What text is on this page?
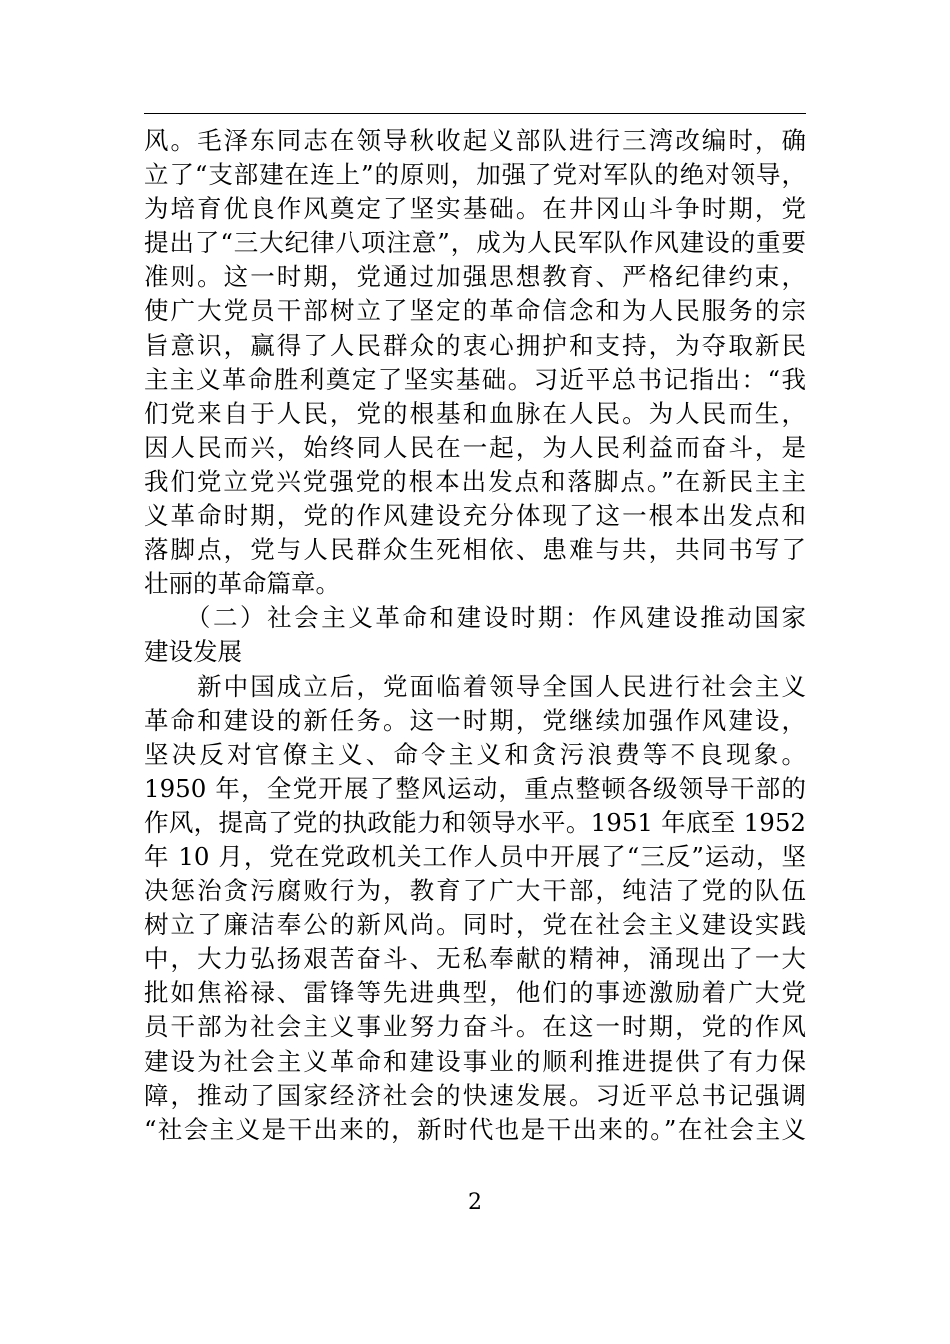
风。毛泽东同志在领导秋收起义部队进行三湾改编时，确
立了“支部建在连上”的原则，加强了党对军队的绝对领导，
为培育优良作风奠定了坚实基础。在井冈山斗争时期，党
提出了“三大纪律八项注意”，成为人民军队作风建设的重要
准则。这一时期，党通过加强思想教育、严格纪律约束，
使广大党员干部树立了坚定的革命信念和为人民服务的宗
旨意识，赢得了人民群众的衷心拥护和支持，为夺取新民
主主义革命胜利奠定了坚实基础。习近平总书记指出：“我
们党来自于人民，党的根基和血脉在人民。为人民而生，
因人民而兴，始终同人民在一起，为人民利益而奋斗，是
我们党立党兴党强党的根本出发点和落脚点。”在新民主主
义革命时期，党的作风建设充分体现了这一根本出发点和
落脚点，党与人民群众生死相依、患难与共，共同书写了
壮丽的革命篇章。
　　（二）社会主义革命和建设时期：作风建设推动国家
建设发展
　　新中国成立后，党面临着领导全国人民进行社会主义
革命和建设的新任务。这一时期，党继续加强作风建设，
坚决反对官僚主义、命令主义和贪污浪费等不良现象。
1950 年，全党开展了整风运动，重点整顿各级领导干部的
作风，提高了党的执政能力和领导水平。1951 年底至 1952
年 10 月，党在党政机关工作人员中开展了“三反”运动，坚
决惩治贪污腐败行为，教育了广大干部，纯洁了党的队伍
树立了廉洁奉公的新风尚。同时，党在社会主义建设实践
中，大力弘扬艰苦奋斗、无私奉献的精神，涌现出了一大
批如焦裕禄、雷锋等先进典型，他们的事迹激励着广大党
员干部为社会主义事业努力奋斗。在这一时期，党的作风
建设为社会主义革命和建设事业的顺利推进提供了有力保
障，推动了国家经济社会的快速发展。习近平总书记强调
“社会主义是干出来的，新时代也是干出来的。”在社会主义
2
